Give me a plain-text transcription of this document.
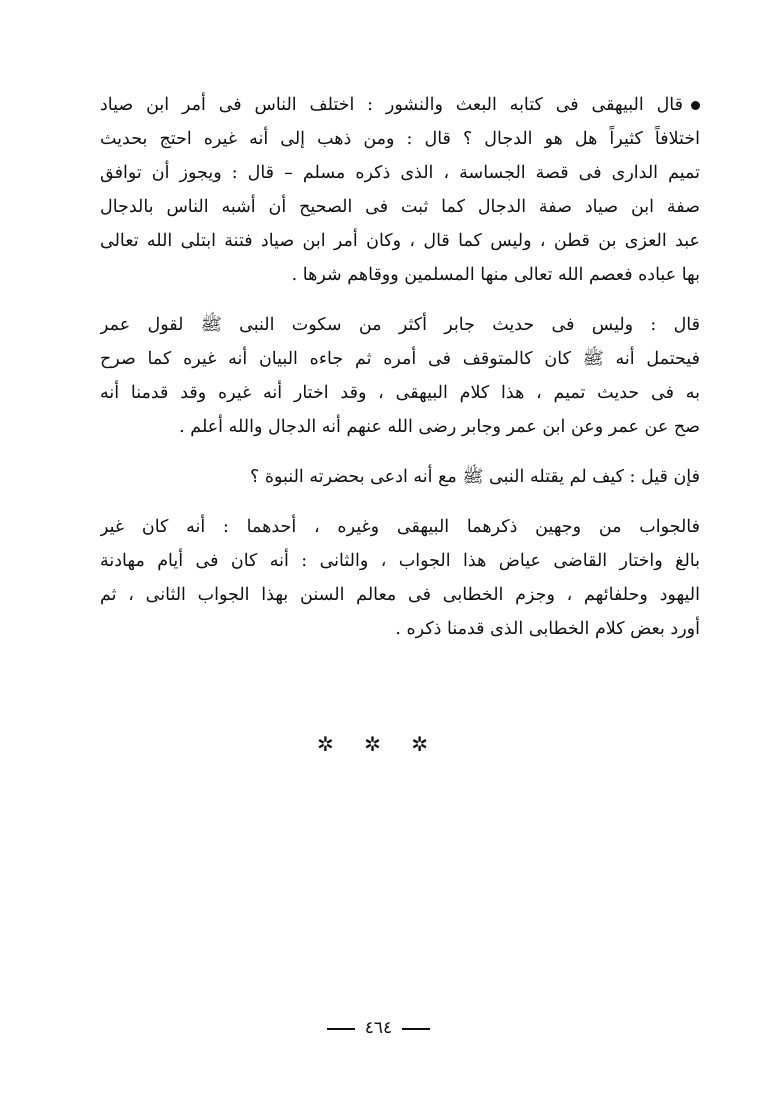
قال البيهقى فى كتابه البعث والنشور : اختلف الناس فى أمر ابن صياد
اختلافاً كثيراً هل هو الدجال ؟ قال : ومن ذهب إلى أنه غيره احتج بحديث
تميم الدارى فى قصة الجساسة ، الذى ذكره مسلم – قال : ويجوز أن توافق
صفة ابن صياد صفة الدجال كما ثبت فى الصحيح أن أشبه الناس بالدجال
عبد العزى بن قطن ، وليس كما قال ، وكان أمر ابن صياد فتنة ابتلى الله تعالى
بها عباده فعصم الله تعالى منها المسلمين ووقاهم شرها .
قال : وليس فى حديث جابر أكثر من سكوت النبى ﷺ لقول عمر
فيحتمل أنه ﷺ كان كالمتوقف فى أمره ثم جاءه البيان أنه غيره كما صرح
به فى حديث تميم ، هذا كلام البيهقى ، وقد اختار أنه غيره وقد قدمنا أنه
صح عن عمر وعن ابن عمر وجابر رضى الله عنهم أنه الدجال والله أعلم .
فإن قيل : كيف لم يقتله النبى ﷺ مع أنه ادعى بحضرته النبوة ؟
فالجواب من وجهين ذكرهما البيهقى وغيره ، أحدهما : أنه كان غير
بالغ واختار القاضى عياض هذا الجواب ، والثانى : أنه كان فى أيام مهادنة
اليهود وحلفائهم ، وجزم الخطابى فى معالم السنن بهذا الجواب الثانى ، ثم
أورد بعض كلام الخطابى الذى قدمنا ذكره .
✲ ✲ ✲
٤٦٤
